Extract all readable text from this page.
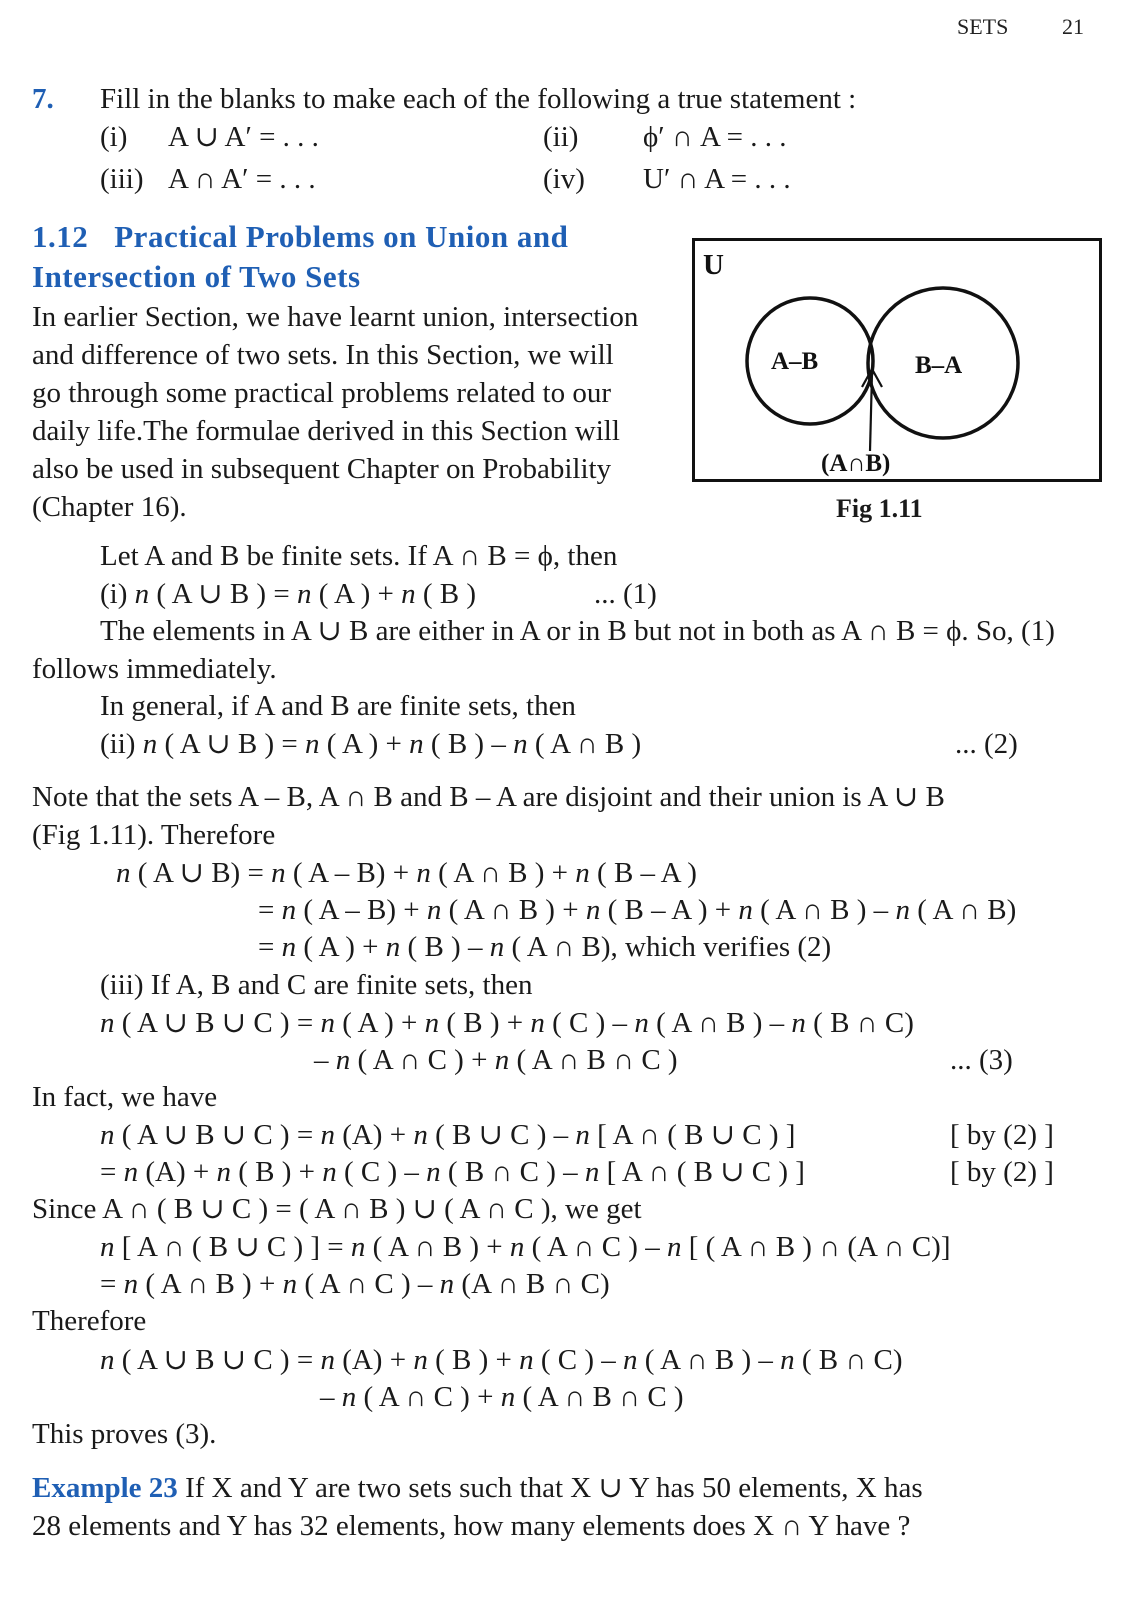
SETS 21
7. Fill in the blanks to make each of the following a true statement :
(i) A ∪ A′ = . . .	(ii) ϕ′ ∩ A = . . .
(iii) A ∩ A′ = . . .	(iv) U′ ∩ A = . . .
1.12 Practical Problems on Union and
Intersection of Two Sets
In earlier Section, we have learnt union, intersection
and difference of two sets. In this Section, we will
go through some practical problems related to our
daily life.The formulae derived in this Section will
also be used in subsequent Chapter on Probability
(Chapter 16).
U
A–B	B–A
(A∩B)
Fig 1.11
Let A and B be finite sets. If A ∩ B = ϕ, then
(i) n ( A ∪ B ) = n ( A ) + n ( B )	... (1)
The elements in A ∪ B are either in A or in B but not in both as A ∩ B = ϕ. So, (1)
follows immediately.
In general, if A and B are finite sets, then
(ii) n ( A ∪ B ) = n ( A ) + n ( B ) – n ( A ∩ B )	... (2)
Note that the sets A – B, A ∩ B and B – A are disjoint and their union is A ∪ B
(Fig 1.11). Therefore
n ( A ∪ B) = n ( A – B) + n ( A ∩ B ) + n ( B – A )
= n ( A – B) + n ( A ∩ B ) + n ( B – A ) + n ( A ∩ B ) – n ( A ∩ B)
= n ( A ) + n ( B ) – n ( A ∩ B), which verifies (2)
(iii) If A, B and C are finite sets, then
n ( A ∪ B ∪ C ) = n ( A ) + n ( B ) + n ( C ) – n ( A ∩ B ) – n ( B ∩ C)
– n ( A ∩ C ) + n ( A ∩ B ∩ C )	... (3)
In fact, we have
n ( A ∪ B ∪ C ) = n (A) + n ( B ∪ C ) – n [ A ∩ ( B ∪ C ) ]	[ by (2) ]
= n (A) + n ( B ) + n ( C ) – n ( B ∩ C ) – n [ A ∩ ( B ∪ C ) ]	[ by (2) ]
Since A ∩ ( B ∪ C ) = ( A ∩ B ) ∪ ( A ∩ C ), we get
n [ A ∩ ( B ∪ C ) ] = n ( A ∩ B ) + n ( A ∩ C ) – n [ ( A ∩ B ) ∩ (A ∩ C)]
= n ( A ∩ B ) + n ( A ∩ C ) – n (A ∩ B ∩ C)
Therefore
n ( A ∪ B ∪ C ) = n (A) + n ( B ) + n ( C ) – n ( A ∩ B ) – n ( B ∩ C)
– n ( A ∩ C ) + n ( A ∩ B ∩ C )
This proves (3).
Example 23 If X and Y are two sets such that X ∪ Y has 50 elements, X has
28 elements and Y has 32 elements, how many elements does X ∩ Y have ?
